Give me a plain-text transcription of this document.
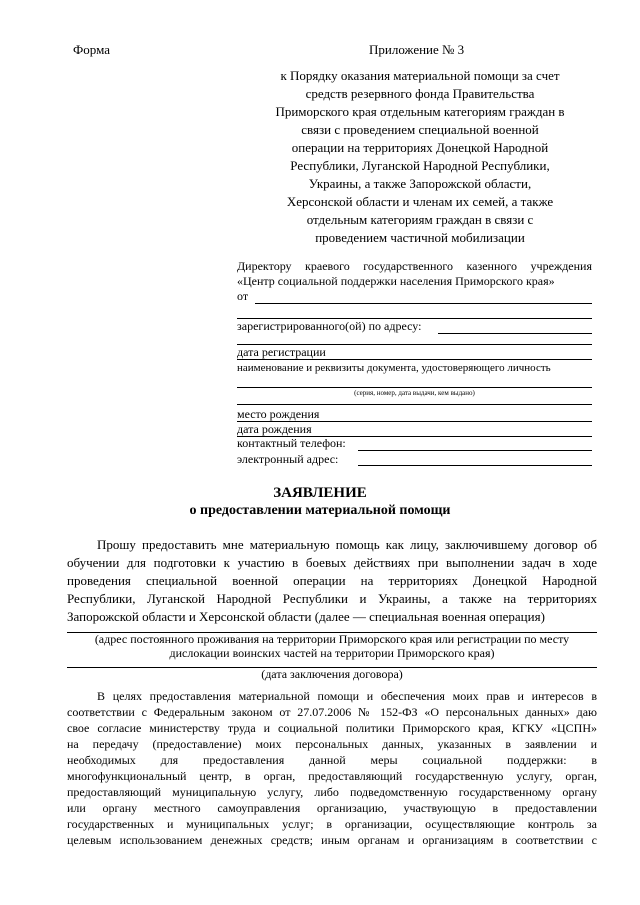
Форма	Приложение № 3
к Порядку оказания материальной помощи за счет
средств резервного фонда Правительства
Приморского края отдельным категориям граждан в
связи с проведением специальной военной
операции на территориях Донецкой Народной
Республики, Луганской Народной Республики,
Украины, а также Запорожской области,
Херсонской области и членам их семей, а также
отдельным категориям граждан в связи с
проведением частичной мобилизации
Директору краевого государственного казенного учреждения
«Центр социальной поддержки населения Приморского края»
от
зарегистрированного(ой) по адресу:
дата регистрации
наименование и реквизиты документа, удостоверяющего личность
(серия, номер, дата выдачи, кем выдано)
место рождения
дата рождения
контактный телефон:
электронный адрес:
ЗАЯВЛЕНИЕ
о предоставлении материальной помощи
Прошу предоставить мне материальную помощь как лицу, заключившему договор об
обучении для подготовки к участию в боевых действиях при выполнении задач в ходе
проведения специальной военной операции на территориях Донецкой Народной
Республики, Луганской Народной Республики и Украины, а также на территориях
Запорожской области и Херсонской области (далее — специальная военная операция)
(адрес постоянного проживания на территории Приморского края или регистрации по месту
дислокации воинских частей на территории Приморского края)
(дата заключения договора)
В целях предоставления материальной помощи и обеспечения моих прав и интересов в
соответствии с Федеральным законом от 27.07.2006 № 152-ФЗ «О персональных данных» даю
свое согласие министерству труда и социальной политики Приморского края, КГКУ «ЦСПН»
на передачу (предоставление) моих персональных данных, указанных в заявлении и
необходимых для предоставления данной меры социальной поддержки: в
многофункциональный центр, в орган, предоставляющий государственную услугу, орган,
предоставляющий муниципальную услугу, либо подведомственную государственному органу
или органу местного самоуправления организацию, участвующую в предоставлении
государственных и муниципальных услуг; в организации, осуществляющие контроль за
целевым использованием денежных средств; иным органам и организациям в соответствии с
